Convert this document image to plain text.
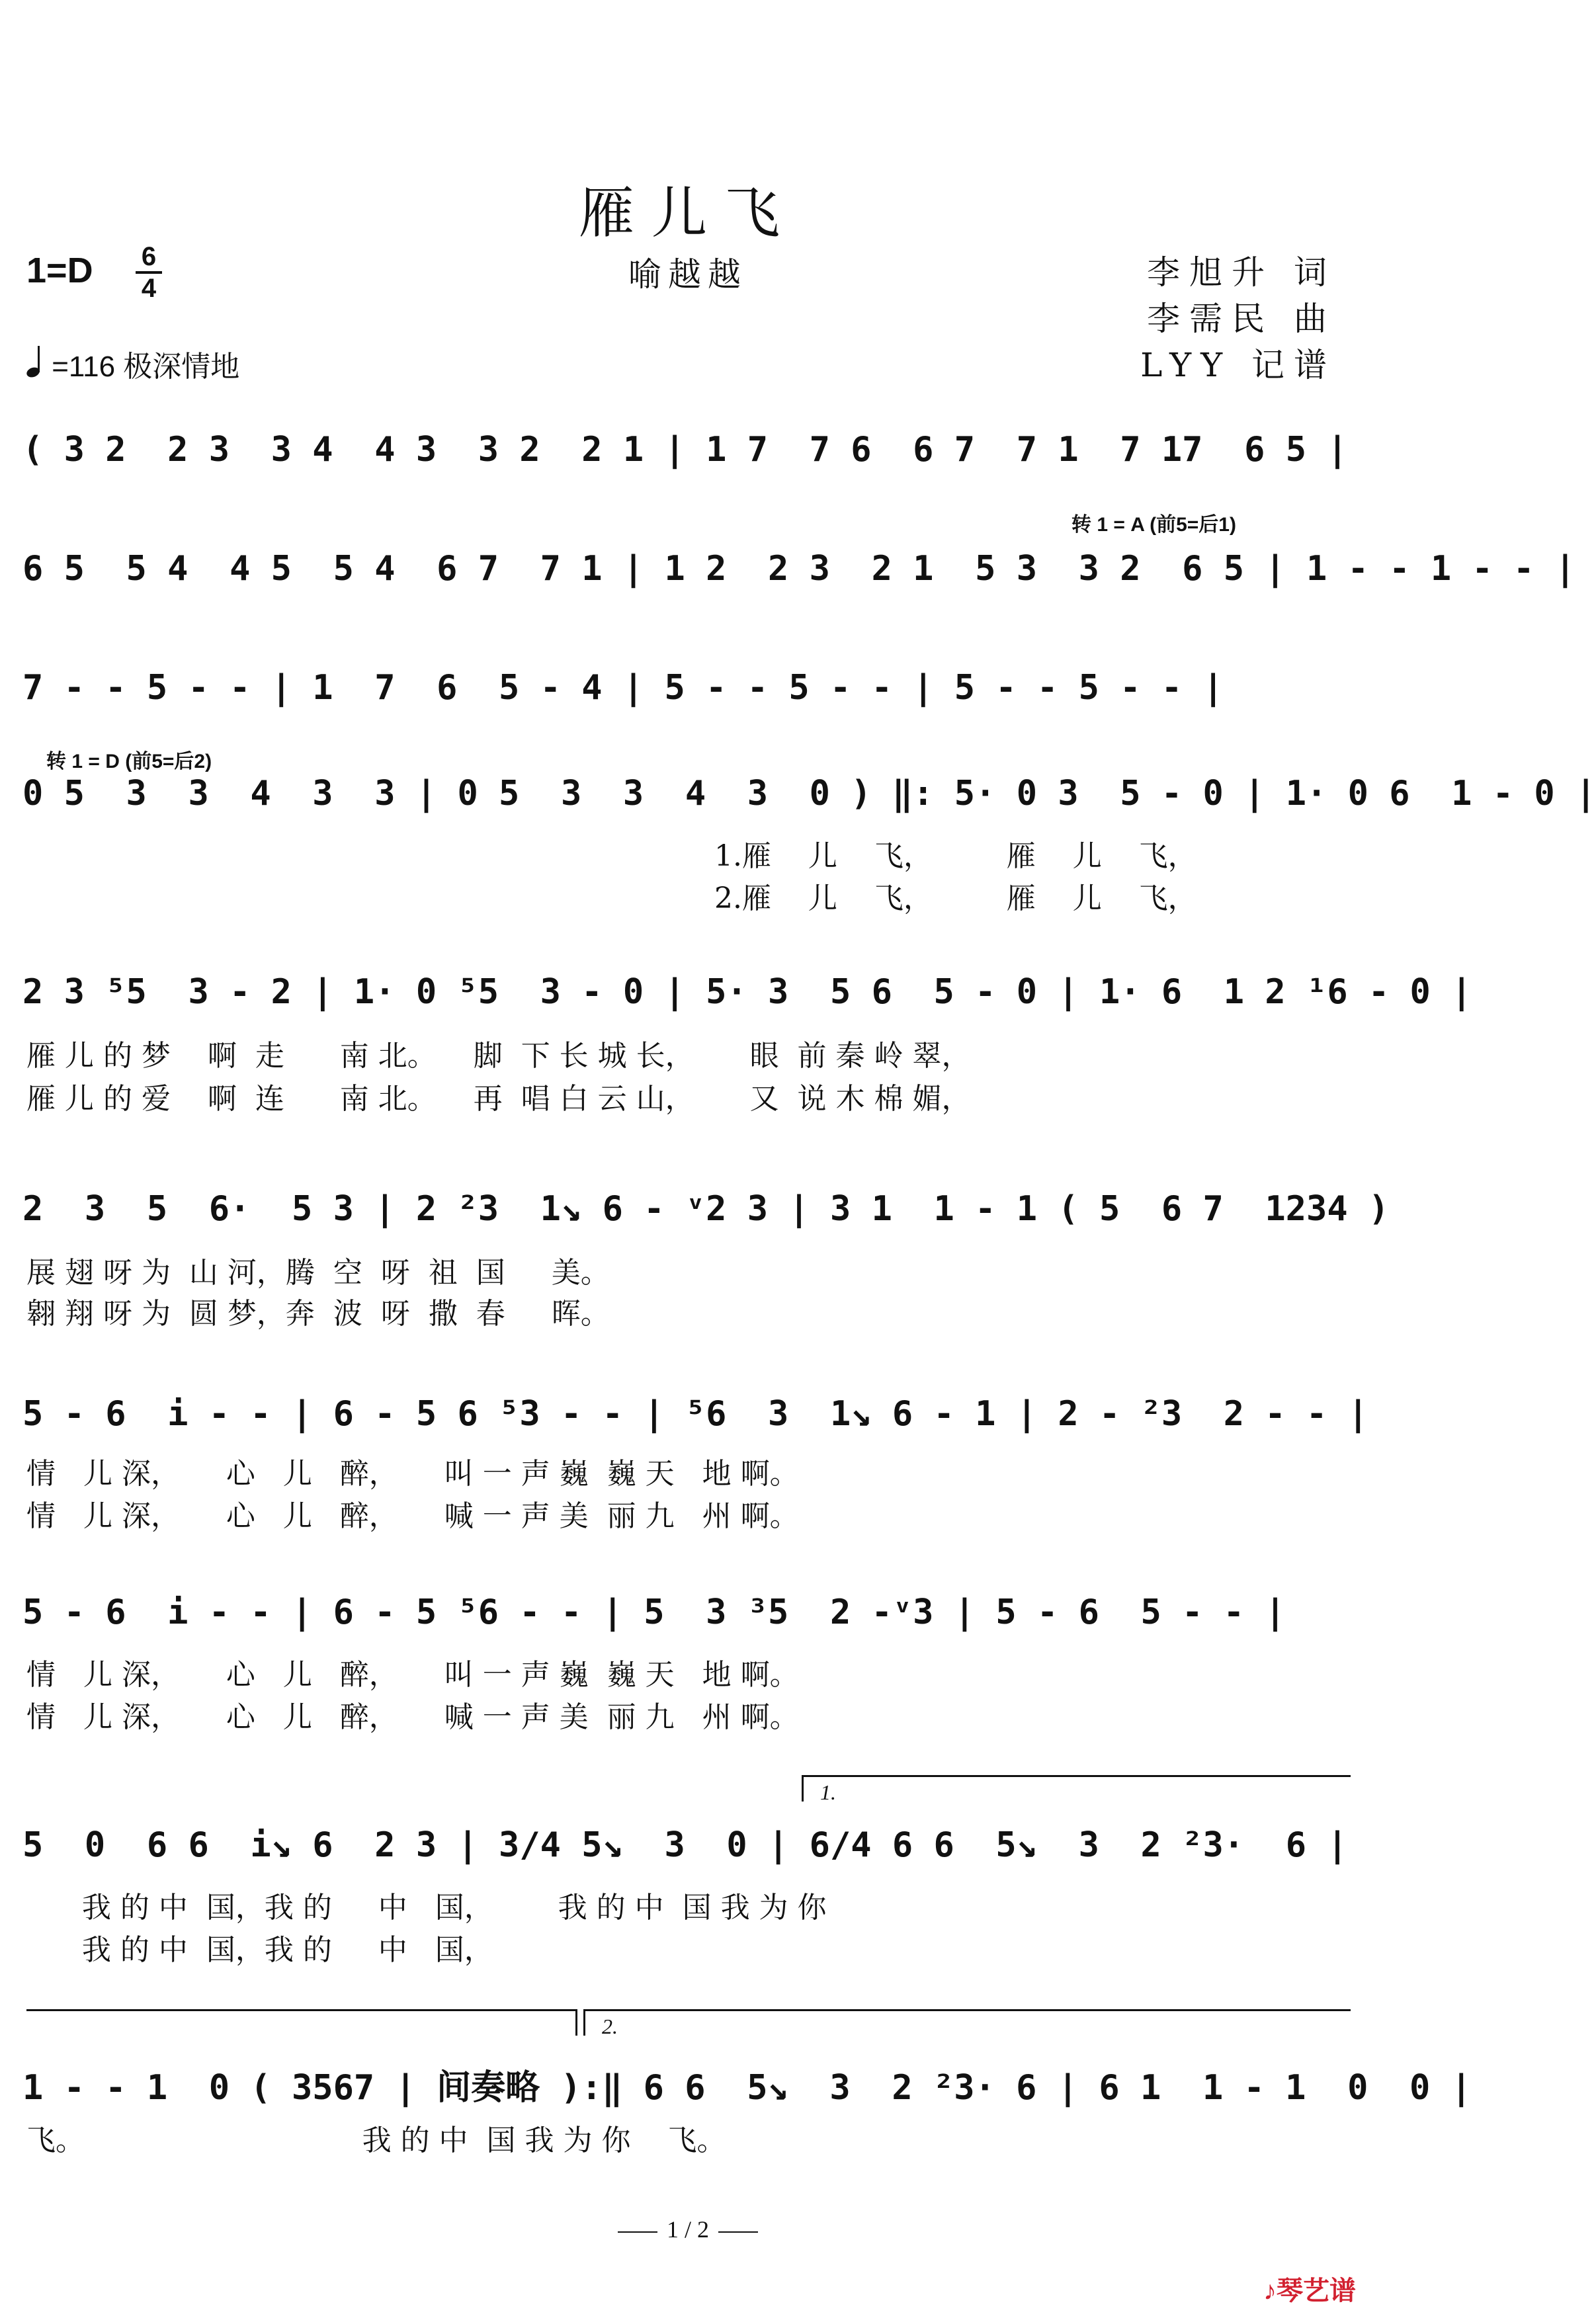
雁儿飞
喻越越
1=D 6
4
=116 极深情地
李旭升 词
李需民 曲
LYY 记谱
( 3 2  2 3  3 4  4 3  3 2  2 1 | 1 7  7 6  6 7  7 1  7 17  6 5 |
转 1 = A (前5=后1)
6 5  5 4  4 5  5 4  6 7  7 1 | 1 2  2 3  2 1  5 3  3 2  6 5 | 1 - - 1 - - |
7 - - 5 - - | 1  7  6  5 - 4 | 5 - - 5 - - | 5 - - 5 - - |
转 1 = D (前5=后2)
0 5  3  3  4  3  3 | 0 5  3  3  4  3  0 ) ‖: 5· 0 3  5 - 0 | 1· 0 6  1 - 0 |
1.雁    儿    飞，        雁    儿    飞，
2.雁    儿    飞，        雁    儿    飞，
2 3 ⁵5  3 - 2 | 1· 0 ⁵5  3 - 0 | 5· 3  5 6  5 - 0 | 1· 6  1 2 ¹6 - 0 |
雁 儿 的 梦    啊  走      南 北。    脚  下 长 城 长，      眼  前 秦 岭 翠，
雁 儿 的 爱    啊  连      南 北。    再  唱 白 云 山，      又  说 木 棉 媚，
2  3  5  6·  5 3 | 2 ²3  1↘ 6 - ᵛ2 3 | 3 1  1 - 1 ( 5  6 7  1234 )
展 翅 呀 为  山 河，腾  空  呀  祖  国     美。
翱 翔 呀 为  圆 梦，奔  波  呀  撒  春     晖。
5 - 6  i - - | 6 - 5 6 ⁵3 - - | ⁵6  3  1↘ 6 - 1 | 2 - ²3  2 - - |
情   儿 深，     心   儿   醉，     叫 一 声 巍  巍 天   地 啊。
情   儿 深，     心   儿   醉，     喊 一 声 美  丽 九   州 啊。
5 - 6  i - - | 6 - 5 ⁵6 - - | 5  3 ³5  2 -ᵛ3 | 5 - 6  5 - - |
情   儿 深，     心   儿   醉，     叫 一 声 巍  巍 天   地 啊。
情   儿 深，     心   儿   醉，     喊 一 声 美  丽 九   州 啊。
1.
5  0  6 6  i↘ 6  2 3 | 3/4 5↘  3  0 | 6/4 6 6  5↘  3  2 ²3·  6 |
我 的 中  国，我 的     中   国，       我 的 中  国 我 为 你
我 的 中  国，我 的     中   国，
2.
1 - - 1  0 ( 3567 | 间奏略 ):‖ 6 6  5↘  3  2 ²3· 6 | 6 1  1 - 1  0  0 |
飞。                              我 的 中  国 我 为 你    飞。
1 / 2
♪琴艺谱
